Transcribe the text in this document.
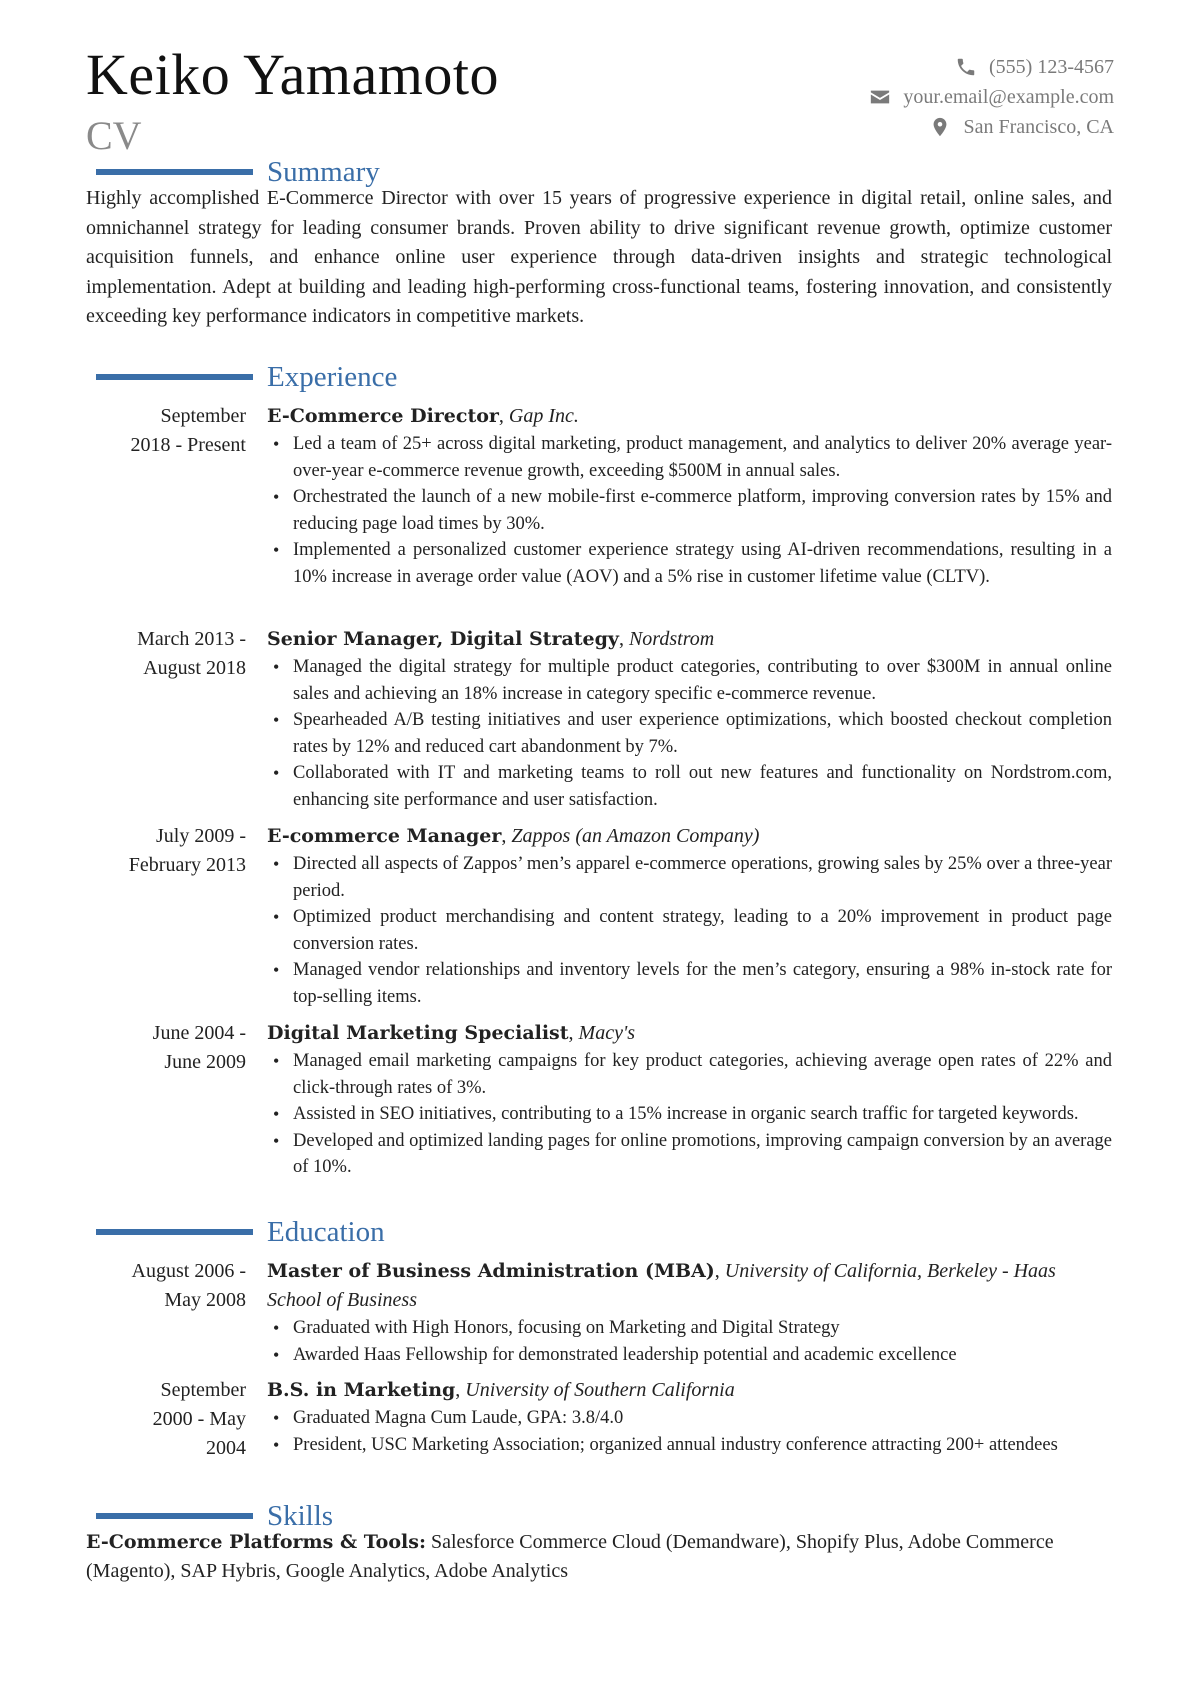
Keiko Yamamoto
CV
(555) 123-4567
your.email@example.com
San Francisco, CA
Summary
Highly accomplished E-Commerce Director with over 15 years of progressive experience in digital retail, online sales, and omnichannel strategy for leading consumer brands. Proven ability to drive significant revenue growth, optimize customer acquisition funnels, and enhance online user experience through data-driven insights and strategic technological implementation. Adept at building and leading high-performing cross-functional teams, fostering innovation, and consistently exceeding key performance indicators in competitive markets.
Experience
September
2018 - Present
E-Commerce Director, Gap Inc.
• Led a team of 25+ across digital marketing, product management, and analytics to deliver 20% average year-over-year e-commerce revenue growth, exceeding $500M in annual sales.
• Orchestrated the launch of a new mobile-first e-commerce platform, improving conversion rates by 15% and reducing page load times by 30%.
• Implemented a personalized customer experience strategy using AI-driven recommendations, resulting in a 10% increase in average order value (AOV) and a 5% rise in customer lifetime value (CLTV).
March 2013 -
August 2018
Senior Manager, Digital Strategy, Nordstrom
• Managed the digital strategy for multiple product categories, contributing to over $300M in annual online sales and achieving an 18% increase in category specific e-commerce revenue.
• Spearheaded A/B testing initiatives and user experience optimizations, which boosted checkout completion rates by 12% and reduced cart abandonment by 7%.
• Collaborated with IT and marketing teams to roll out new features and functionality on Nordstrom.com, enhancing site performance and user satisfaction.
July 2009 -
February 2013
E-commerce Manager, Zappos (an Amazon Company)
• Directed all aspects of Zappos’ men’s apparel e-commerce operations, growing sales by 25% over a three-year period.
• Optimized product merchandising and content strategy, leading to a 20% improvement in product page conversion rates.
• Managed vendor relationships and inventory levels for the men’s category, ensuring a 98% in-stock rate for top-selling items.
June 2004 -
June 2009
Digital Marketing Specialist, Macy's
• Managed email marketing campaigns for key product categories, achieving average open rates of 22% and click-through rates of 3%.
• Assisted in SEO initiatives, contributing to a 15% increase in organic search traffic for targeted keywords.
• Developed and optimized landing pages for online promotions, improving campaign conversion by an average of 10%.
Education
August 2006 -
May 2008
Master of Business Administration (MBA), University of California, Berkeley - Haas School of Business
• Graduated with High Honors, focusing on Marketing and Digital Strategy
• Awarded Haas Fellowship for demonstrated leadership potential and academic excellence
September
2000 - May
2004
B.S. in Marketing, University of Southern California
• Graduated Magna Cum Laude, GPA: 3.8/4.0
• President, USC Marketing Association; organized annual industry conference attracting 200+ attendees
Skills
E-Commerce Platforms & Tools: Salesforce Commerce Cloud (Demandware), Shopify Plus, Adobe Commerce (Magento), SAP Hybris, Google Analytics, Adobe Analytics
